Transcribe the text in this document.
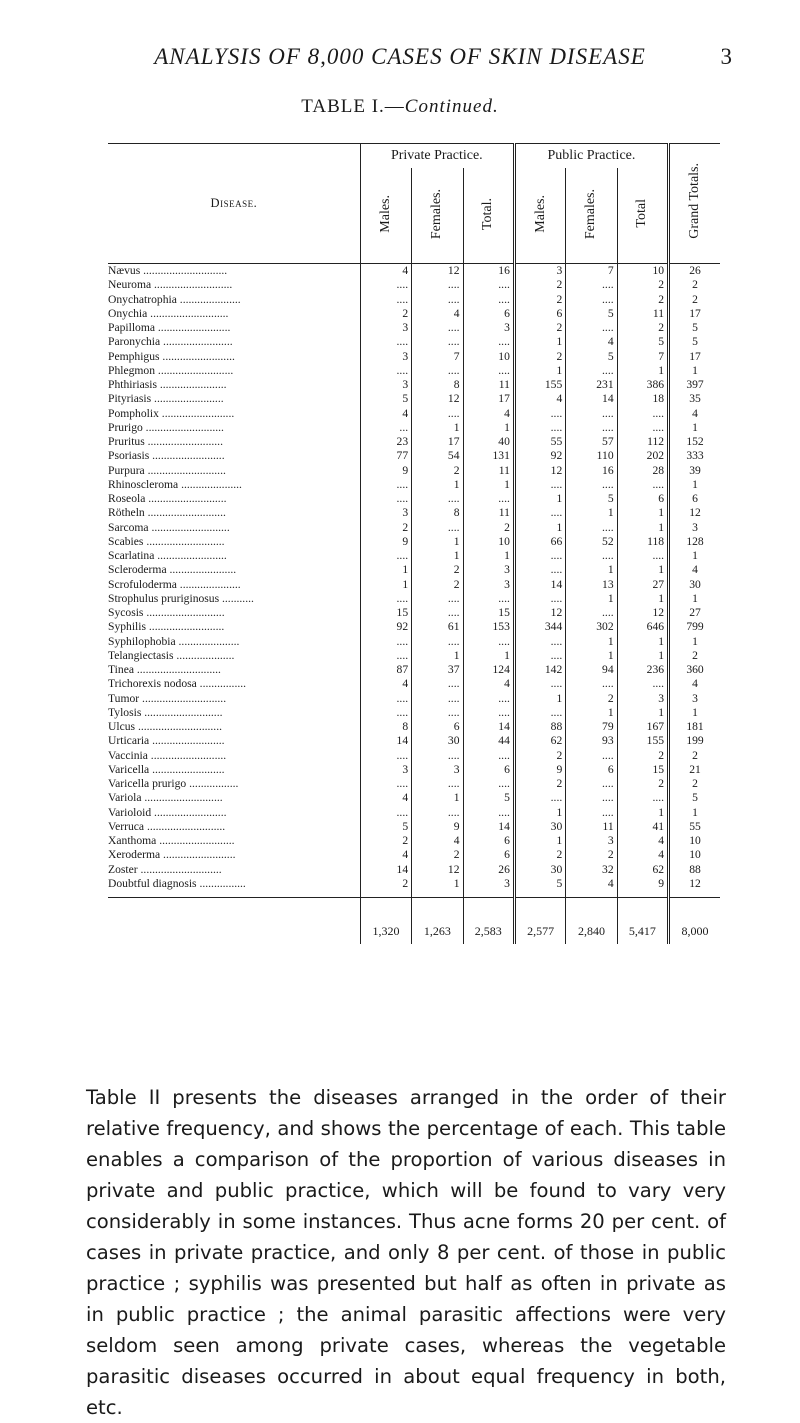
ANALYSIS OF 8,000 CASES OF SKIN DISEASE	3
TABLE I.—Continued.
Disease.	Private Practice.			Public Practice.			Grand Totals.
	Males.	Females.	Total.	Males.	Females.	Total	
Nævus .............................	4	12	16	3	7	10	26
Neuroma ...........................	....	....	....	2	....	2	2
Onychatrophia .....................	....	....	....	2	....	2	2
Onychia ...........................	2	4	6	6	5	11	17
Papilloma .........................	3	....	3	2	....	2	5
Paronychia ........................	....	....	....	1	4	5	5
Pemphigus .........................	3	7	10	2	5	7	17
Phlegmon ..........................	....	....	....	1	....	1	1
Phthiriasis .......................	3	8	11	155	231	386	397
Pityriasis ........................	5	12	17	4	14	18	35
Pompholix .........................	4	....	4	....	....	....	4
Prurigo ...........................	...	1	1	....	....	....	1
Pruritus ..........................	23	17	40	55	57	112	152
Psoriasis .........................	77	54	131	92	110	202	333
Purpura ...........................	9	2	11	12	16	28	39
Rhinoscleroma .....................	....	1	1	....	....	....	1
Roseola ...........................	....	....	....	1	5	6	6
Rötheln ...........................	3	8	11	....	1	1	12
Sarcoma ...........................	2	....	2	1	....	1	3
Scabies ...........................	9	1	10	66	52	118	128
Scarlatina ........................	....	1	1	....	....	....	1
Scleroderma .......................	1	2	3	....	1	1	4
Scrofuloderma .....................	1	2	3	14	13	27	30
Strophulus pruriginosus ...........	....	....	....	....	1	1	1
Sycosis ...........................	15	....	15	12	....	12	27
Syphilis ..........................	92	61	153	344	302	646	799
Syphilophobia .....................	....	....	....	....	1	1	1
Telangiectasis ....................	....	1	1	....	1	1	2
Tinea .............................	87	37	124	142	94	236	360
Trichorexis nodosa ................	4	....	4	....	....	....	4
Tumor .............................	....	....	....	1	2	3	3
Tylosis ...........................	....	....	....	....	1	1	1
Ulcus .............................	8	6	14	88	79	167	181
Urticaria .........................	14	30	44	62	93	155	199
Vaccinia ..........................	....	....	....	2	....	2	2
Varicella .........................	3	3	6	9	6	15	21
Varicella prurigo .................	....	....	....	2	....	2	2
Variola ...........................	4	1	5	....	....	....	5
Varioloid .........................	....	....	....	1	....	1	1
Verruca ...........................	5	9	14	30	11	41	55
Xanthoma ..........................	2	4	6	1	3	4	10
Xeroderma .........................	4	2	6	2	2	4	10
Zoster ............................	14	12	26	30	32	62	88
Doubtful diagnosis ................	2	1	3	5	4	9	12

	1,320	1,263	2,583	2,577	2,840	5,417	8,000

Table II presents the diseases arranged in the order of their relative frequency, and shows the percentage of each. This table enables a comparison of the proportion of various diseases in private and public practice, which will be found to vary very considerably in some instances. Thus acne forms 20 per cent. of cases in private practice, and only 8 per cent. of those in public practice ; syphilis was presented but half as often in private as in public practice ; the animal parasitic affections were very seldom seen among private cases, whereas the vegetable parasitic diseases occurred in about equal frequency in both, etc.
